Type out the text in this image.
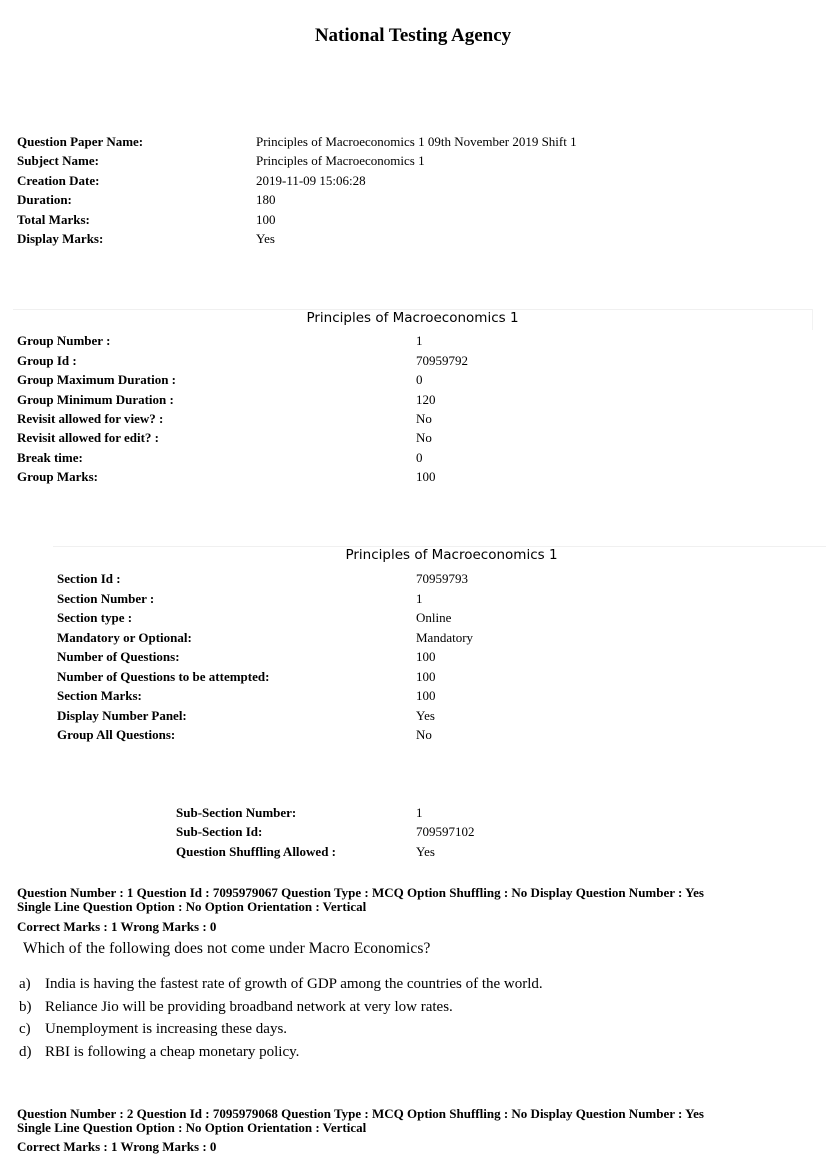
National Testing Agency
Question Paper Name:	Principles of Macroeconomics 1 09th November 2019 Shift 1
Subject Name:	Principles of Macroeconomics 1
Creation Date:	2019-11-09 15:06:28
Duration:	180
Total Marks:	100
Display Marks:	Yes
Principles of Macroeconomics 1
Group Number :	1
Group Id :	70959792
Group Maximum Duration :	0
Group Minimum Duration :	120
Revisit allowed for view? :	No
Revisit allowed for edit? :	No
Break time:	0
Group Marks:	100
Principles of Macroeconomics 1
Section Id :	70959793
Section Number :	1
Section type :	Online
Mandatory or Optional:	Mandatory
Number of Questions:	100
Number of Questions to be attempted:	100
Section Marks:	100
Display Number Panel:	Yes
Group All Questions:	No
Sub-Section Number:	1
Sub-Section Id:	709597102
Question Shuffling Allowed :	Yes
Question Number : 1 Question Id : 7095979067 Question Type : MCQ Option Shuffling : No Display Question Number : Yes
Single Line Question Option : No Option Orientation : Vertical
Correct Marks : 1 Wrong Marks : 0
Which of the following does not come under Macro Economics?
a) India is having the fastest rate of growth of GDP among the countries of the world.
b) Reliance Jio will be providing broadband network at very low rates.
c) Unemployment is increasing these days.
d) RBI is following a cheap monetary policy.
Question Number : 2 Question Id : 7095979068 Question Type : MCQ Option Shuffling : No Display Question Number : Yes
Single Line Question Option : No Option Orientation : Vertical
Correct Marks : 1 Wrong Marks : 0
